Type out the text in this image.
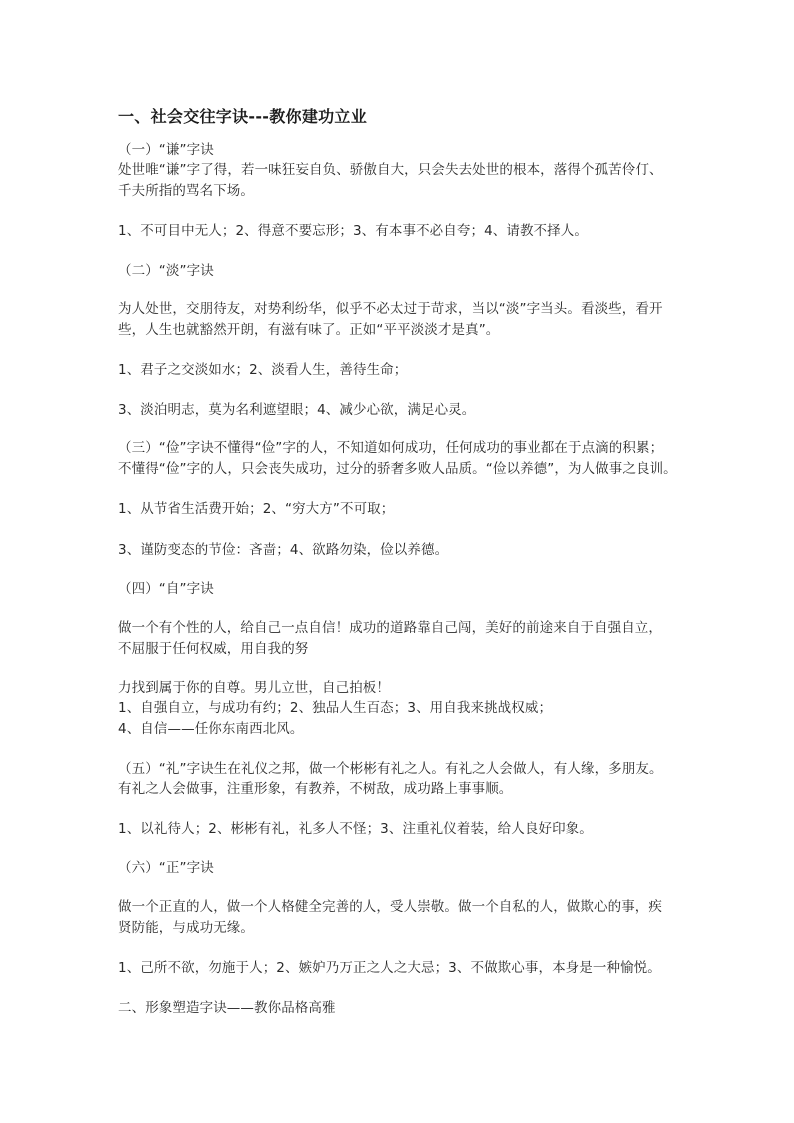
一、社会交往字诀---教你建功立业
（一）“谦”字诀
处世唯“谦”字了得，若一味狂妄自负、骄傲自大，只会失去处世的根本，落得个孤苦伶仃、
千夫所指的骂名下场。
1、不可目中无人；2、得意不要忘形；3、有本事不必自夸；4、请教不择人。
（二）“淡”字诀
为人处世，交朋待友，对势利纷华，似乎不必太过于苛求，当以“淡”字当头。看淡些，看开
些，人生也就豁然开朗，有滋有味了。正如“平平淡淡才是真”。
1、君子之交淡如水；2、淡看人生，善待生命；
3、淡泊明志，莫为名利遮望眼；4、减少心欲，满足心灵。
（三）“俭”字诀不懂得“俭”字的人，不知道如何成功，任何成功的事业都在于点滴的积累；
不懂得“俭”字的人，只会丧失成功，过分的骄奢多败人品质。“俭以养德”，为人做事之良训。
1、从节省生活费开始；2、“穷大方”不可取；
3、谨防变态的节俭：吝啬；4、欲路勿染，俭以养德。
（四）“自”字诀
做一个有个性的人，给自己一点自信！成功的道路靠自己闯，美好的前途来自于自强自立，
不屈服于任何权威，用自我的努
力找到属于你的自尊。男儿立世，自己拍板！
1、自强自立，与成功有约；2、独品人生百态；3、用自我来挑战权威；
4、自信——任你东南西北风。
（五）“礼”字诀生在礼仪之邦，做一个彬彬有礼之人。有礼之人会做人，有人缘，多朋友。
有礼之人会做事，注重形象，有教养，不树敌，成功路上事事顺。
1、以礼待人；2、彬彬有礼，礼多人不怪；3、注重礼仪着装，给人良好印象。
（六）“正”字诀
做一个正直的人，做一个人格健全完善的人，受人崇敬。做一个自私的人，做欺心的事，疾
贤防能，与成功无缘。
1、己所不欲，勿施于人；2、嫉妒乃万正之人之大忌；3、不做欺心事，本身是一种愉悦。
二、形象塑造字诀——教你品格高雅
